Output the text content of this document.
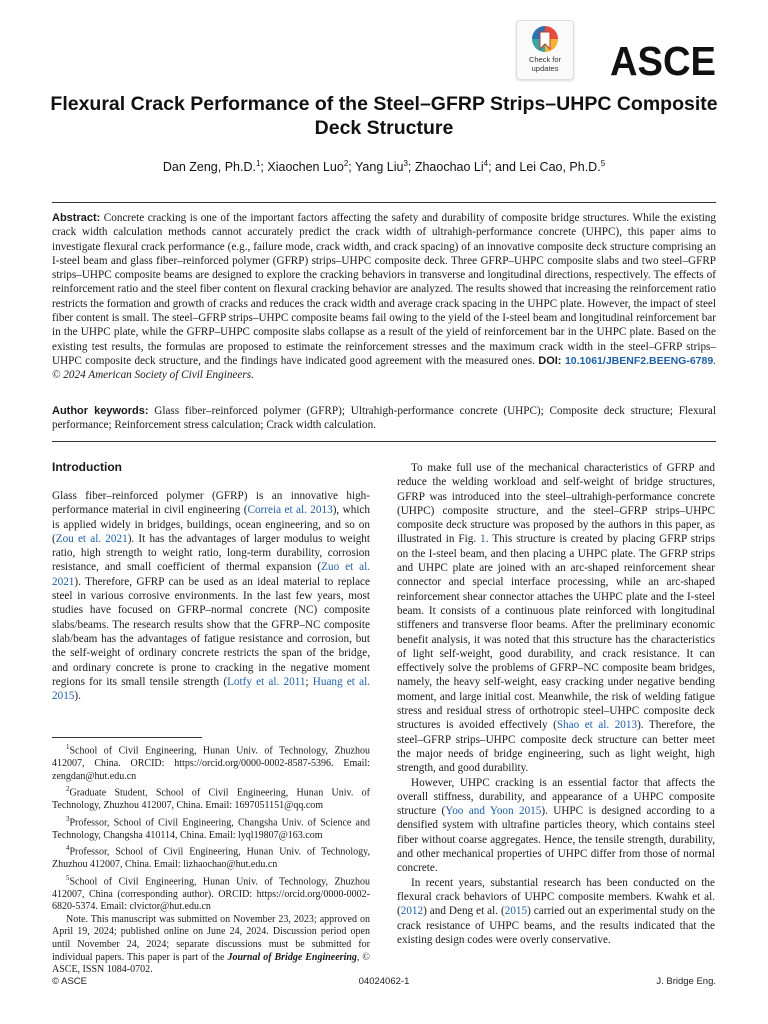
Check for
updates	ASCE
Flexural Crack Performance of the Steel–GFRP Strips–UHPC Composite Deck Structure
Dan Zeng, Ph.D.$^1$; Xiaochen Luo$^2$; Yang Liu$^3$; Zhaochao Li$^4$; and Lei Cao, Ph.D.$^5$
Abstract: Concrete cracking is one of the important factors affecting the safety and durability of composite bridge structures. While the existing crack width calculation methods cannot accurately predict the crack width of ultrahigh-performance concrete (UHPC), this paper aims to investigate flexural crack performance (e.g., failure mode, crack width, and crack spacing) of an innovative composite deck structure comprising an I-steel beam and glass fiber–reinforced polymer (GFRP) strips–UHPC composite deck. Three GFRP–UHPC composite slabs and two steel–GFRP strips–UHPC composite beams are designed to explore the cracking behaviors in transverse and longitudinal directions, respectively. The effects of reinforcement ratio and the steel fiber content on flexural cracking behavior are analyzed. The results showed that increasing the reinforcement ratio restricts the formation and growth of cracks and reduces the crack width and average crack spacing in the UHPC plate. However, the impact of steel fiber content is small. The steel–GFRP strips–UHPC composite beams fail owing to the yield of the I-steel beam and longitudinal reinforcement bar in the UHPC plate, while the GFRP–UHPC composite slabs collapse as a result of the yield of reinforcement bar in the UHPC plate. Based on the existing test results, the formulas are proposed to estimate the reinforcement stresses and the maximum crack width in the steel–GFRP strips–UHPC composite deck structure, and the findings have indicated good agreement with the measured ones. DOI: 10.1061/JBENF2.BEENG-6789. © 2024 American Society of Civil Engineers.
Author keywords: Glass fiber–reinforced polymer (GFRP); Ultrahigh-performance concrete (UHPC); Composite deck structure; Flexural performance; Reinforcement stress calculation; Crack width calculation.
Introduction

Glass fiber–reinforced polymer (GFRP) is an innovative high-performance material in civil engineering (Correia et al. 2013), which is applied widely in bridges, buildings, ocean engineering, and so on (Zou et al. 2021). It has the advantages of larger modulus to weight ratio, high strength to weight ratio, long-term durability, corrosion resistance, and small coefficient of thermal expansion (Zuo et al. 2021). Therefore, GFRP can be used as an ideal material to replace steel in various corrosive environments. In the last few years, most studies have focused on GFRP–normal concrete (NC) composite slabs/beams. The research results show that the GFRP–NC composite slab/beam has the advantages of fatigue resistance and corrosion, but the self-weight of ordinary concrete restricts the span of the bridge, and ordinary concrete is prone to cracking in the negative moment regions for its small tensile strength (Lotfy et al. 2011; Huang et al. 2015).

$^1$School of Civil Engineering, Hunan Univ. of Technology, Zhuzhou 412007, China. ORCID: https://orcid.org/0000-0002-8587-5396. Email: zengdan@hut.edu.cn

$^2$Graduate Student, School of Civil Engineering, Hunan Univ. of Technology, Zhuzhou 412007, China. Email: 1697051151@qq.com

$^3$Professor, School of Civil Engineering, Changsha Univ. of Science and Technology, Changsha 410114, China. Email: lyql19807@163.com

$^4$Professor, School of Civil Engineering, Hunan Univ. of Technology, Zhuzhou 412007, China. Email: lizhaochao@hut.edu.cn

$^5$School of Civil Engineering, Hunan Univ. of Technology, Zhuzhou 412007, China (corresponding author). ORCID: https://orcid.org/0000-0002-6820-5374. Email: clvictor@hut.edu.cn

Note. This manuscript was submitted on November 23, 2023; approved on April 19, 2024; published online on June 24, 2024. Discussion period open until November 24, 2024; separate discussions must be submitted for individual papers. This paper is part of the Journal of Bridge Engineering, © ASCE, ISSN 1084-0702.

To make full use of the mechanical characteristics of GFRP and reduce the welding workload and self-weight of bridge structures, GFRP was introduced into the steel–ultrahigh-performance concrete (UHPC) composite structure, and the steel–GFRP strips–UHPC composite deck structure was proposed by the authors in this paper, as illustrated in Fig. 1. This structure is created by placing GFRP strips on the I-steel beam, and then placing a UHPC plate. The GFRP strips and UHPC plate are joined with an arc-shaped reinforcement shear connector and special interface processing, while an arc-shaped reinforcement shear connector attaches the UHPC plate and the I-steel beam. It consists of a continuous plate reinforced with longitudinal stiffeners and transverse floor beams. After the preliminary economic benefit analysis, it was noted that this structure has the characteristics of light self-weight, good durability, and crack resistance. It can effectively solve the problems of GFRP–NC composite beam bridges, namely, the heavy self-weight, easy cracking under negative bending moment, and large initial cost. Meanwhile, the risk of welding fatigue stress and residual stress of orthotropic steel–UHPC composite deck structures is avoided effectively (Shao et al. 2013). Therefore, the steel–GFRP strips–UHPC composite deck structure can better meet the major needs of bridge engineering, such as light weight, high strength, and good durability.

However, UHPC cracking is an essential factor that affects the overall stiffness, durability, and appearance of a UHPC composite structure (Yoo and Yoon 2015). UHPC is designed according to a densified system with ultrafine particles theory, which contains steel fiber without coarse aggregates. Hence, the tensile strength, durability, and other mechanical properties of UHPC differ from those of normal concrete.

In recent years, substantial research has been conducted on the flexural crack behaviors of UHPC composite members. Kwahk et al. (2012) and Deng et al. (2015) carried out an experimental study on the crack resistance of UHPC beams, and the results indicated that the existing design codes were overly conservative.

© ASCE	04024062-1	J. Bridge Eng.
